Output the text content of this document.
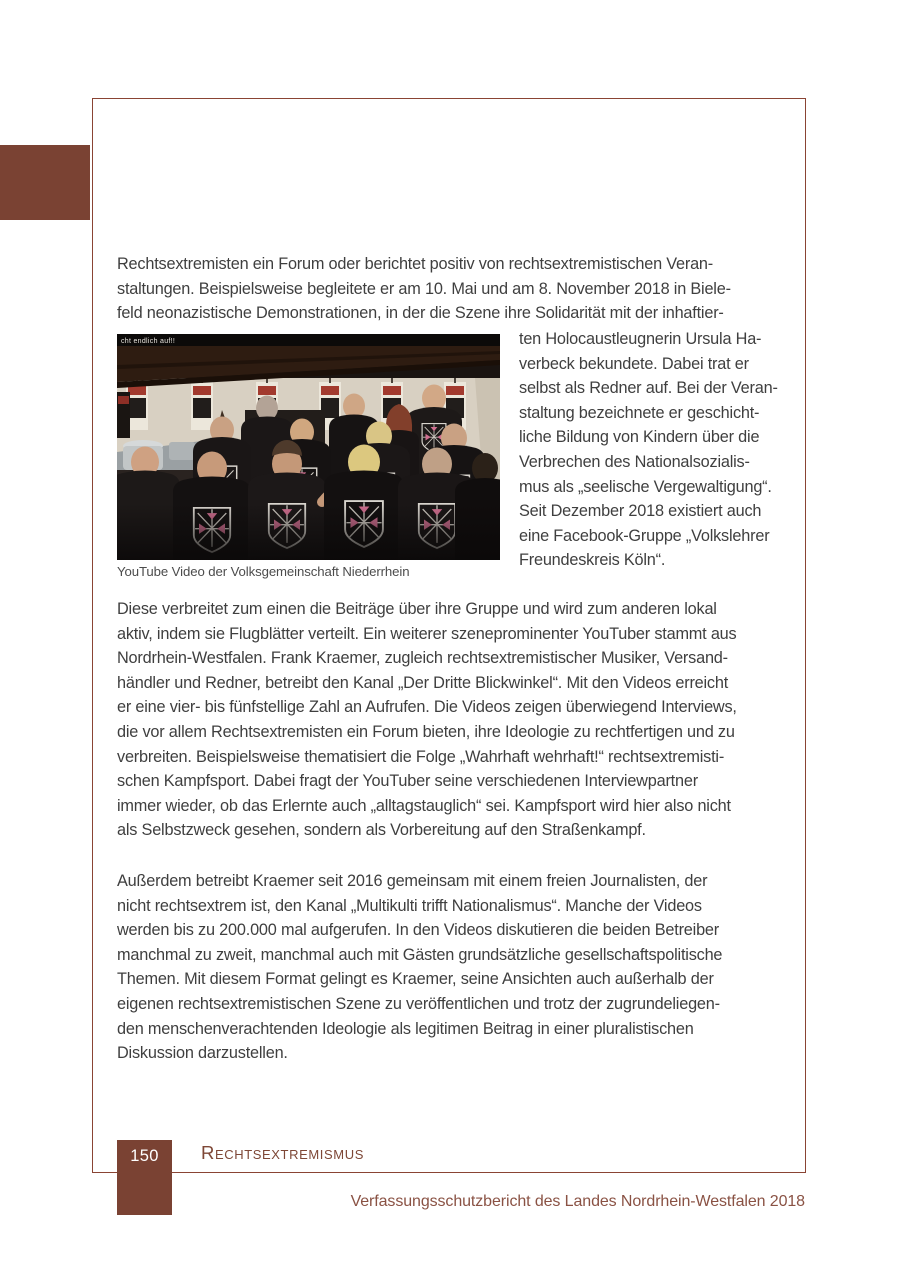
Rechtsextremisten ein Forum oder berichtet positiv von rechtsextremistischen Veran-
staltungen. Beispielsweise begleitete er am 10. Mai und am 8. November 2018 in Biele-
feld neonazistische Demonstrationen, in der die Szene ihre Solidarität mit der inhaftier-

cht endlich auf!!	ten Holocaustleugnerin Ursula Ha-
verbeck bekundete. Dabei trat er
selbst als Redner auf. Bei der Veran-
staltung bezeichnete er geschicht-
liche Bildung von Kindern über die
Verbrechen des Nationalsozialis-
mus als „seelische Vergewaltigung“.
Seit Dezember 2018 existiert auch
eine Facebook-Gruppe „Volkslehrer
Freundeskreis Köln“.
YouTube Video der Volksgemeinschaft Niederrhein

Diese verbreitet zum einen die Beiträge über ihre Gruppe und wird zum anderen lokal
aktiv, indem sie Flugblätter verteilt. Ein weiterer szeneprominenter YouTuber stammt aus
Nordrhein-Westfalen. Frank Kraemer, zugleich rechtsextremistischer Musiker, Versand-
händler und Redner, betreibt den Kanal „Der Dritte Blickwinkel“. Mit den Videos erreicht
er eine vier- bis fünfstellige Zahl an Aufrufen. Die Videos zeigen überwiegend Interviews,
die vor allem Rechtsextremisten ein Forum bieten, ihre Ideologie zu rechtfertigen und zu
verbreiten. Beispielsweise thematisiert die Folge „Wahrhaft wehrhaft!“ rechtsextremisti-
schen Kampfsport. Dabei fragt der YouTuber seine verschiedenen Interviewpartner
immer wieder, ob das Erlernte auch „alltagstauglich“ sei. Kampfsport wird hier also nicht
als Selbstzweck gesehen, sondern als Vorbereitung auf den Straßenkampf.

Außerdem betreibt Kraemer seit 2016 gemeinsam mit einem freien Journalisten, der
nicht rechtsextrem ist, den Kanal „Multikulti trifft Nationalismus“. Manche der Videos
werden bis zu 200.000 mal aufgerufen. In den Videos diskutieren die beiden Betreiber
manchmal zu zweit, manchmal auch mit Gästen grundsätzliche gesellschaftspolitische
Themen. Mit diesem Format gelingt es Kraemer, seine Ansichten auch außerhalb der
eigenen rechtsextremistischen Szene zu veröffentlichen und trotz der zugrundeliegen-
den menschenverachtenden Ideologie als legitimen Beitrag in einer pluralistischen
Diskussion darzustellen.

150	Rechtsextremismus
Verfassungsschutzbericht des Landes Nordrhein-Westfalen 2018
